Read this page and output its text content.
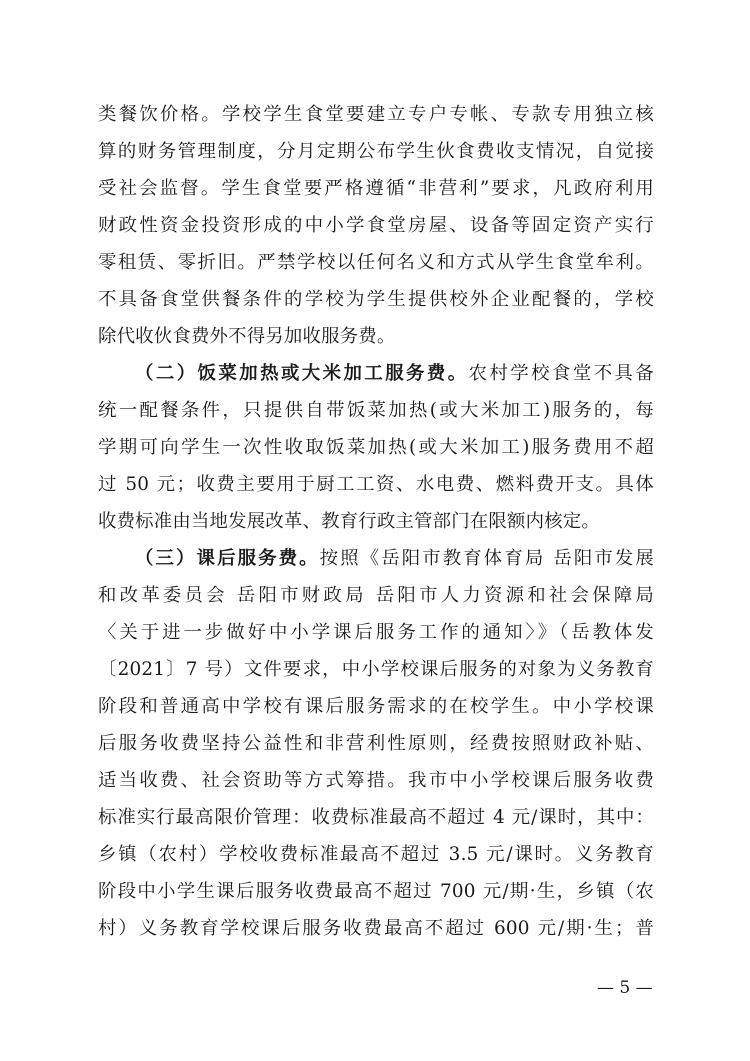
类餐饮价格。学校学生食堂要建立专户专帐、专款专用独立核
算的财务管理制度，分月定期公布学生伙食费收支情况，自觉接
受社会监督。学生食堂要严格遵循“非营利”要求，凡政府利用
财政性资金投资形成的中小学食堂房屋、设备等固定资产实行
零租赁、零折旧。严禁学校以任何名义和方式从学生食堂牟利。
不具备食堂供餐条件的学校为学生提供校外企业配餐的，学校
除代收伙食费外不得另加收服务费。
（二）饭菜加热或大米加工服务费。农村学校食堂不具备
统一配餐条件，只提供自带饭菜加热(或大米加工)服务的，每
学期可向学生一次性收取饭菜加热(或大米加工)服务费用不超
过 50 元；收费主要用于厨工工资、水电费、燃料费开支。具体
收费标准由当地发展改革、教育行政主管部门在限额内核定。
（三）课后服务费。按照《岳阳市教育体育局 岳阳市发展
和改革委员会 岳阳市财政局 岳阳市人力资源和社会保障局
〈关于进一步做好中小学课后服务工作的通知〉》（岳教体发
〔2021〕7 号）文件要求，中小学校课后服务的对象为义务教育
阶段和普通高中学校有课后服务需求的在校学生。中小学校课
后服务收费坚持公益性和非营利性原则，经费按照财政补贴、
适当收费、社会资助等方式筹措。我市中小学校课后服务收费
标准实行最高限价管理：收费标准最高不超过 4 元/课时，其中：
乡镇（农村）学校收费标准最高不超过 3.5 元/课时。义务教育
阶段中小学生课后服务收费最高不超过 700 元/期·生，乡镇（农
村）义务教育学校课后服务收费最高不超过 600 元/期·生；普
— 5 —
